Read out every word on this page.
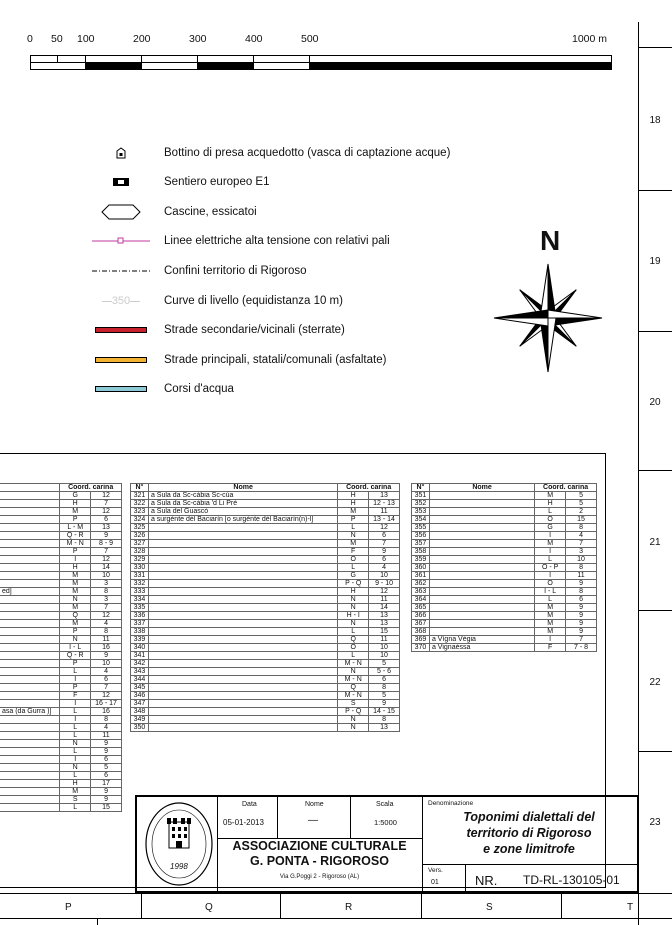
0 50 100	200	300	400	500	1000 m
18
19
20
21
22
23
P	Q	R	S	T
Bottino di presa acquedotto (vasca di captazione acque)
Sentiero europeo E1
Cascine, essicatoi
Linee elettriche alta tensione con relativi pali
Confini territorio di Rigoroso
350	Curve di livello (equidistanza 10 m)
Strade secondarie/vicinali (sterrate)
Strade principali, statali/comunali (asfaltate)
Corsi d'acqua
N
	Coord. carina	
	G	12
	H	7
	M	12
	P	6
	L - M	13
	Q - R	9
	M - N	8 - 9
	P	7
	I	12
	H	14
	M	10
	M	3
ed]	M	8
	N	3
	M	7
	Q	12
	M	4
	P	8
	N	11
	I - L	16
	Q - R	9
	P	10
	L	4
	I	6
	P	7
	F	12
	I	16 - 17
asa (da Gurra )]	L	16
	I	8
	L	4
	L	11
	N	9
	L	9
	I	6
	N	5
	L	6
	H	17
	M	9
	S	9
	L	15
N°	Nome	Coord. carina	
321	a Sula da Sc-càbia Sc-cùa	H	13
322	a Sula da Sc-càbia 'd Li Prè	H	12 - 13
323	a Sula del Guascò	M	11
324	a surgènte dèl Baciarìn [o surgènte dèl Baciarìn(n)-l]	P	13 - 14
325		L	12
326		N	6
327		M	7
328		F	9
329		O	6
330		L	4
331		G	10
332		P - Q	9 - 10
333		H	12
334		N	11
335		N	14
336		H - I	13
337		N	13
338		L	15
339		Q	11
340		O	10
341		L	10
342		M - N	5
343		N	5 - 6
344		M - N	6
345		Q	8
346		M - N	5
347		S	9
348		P - Q	14 - 15
349		N	8
350		N	13
N°	Nome	Coord. carina	
351		M	5
352		H	5
353		L	2
354		O	15
355		G	8
356		I	4
357		M	7
358		I	3
359		L	10
360		O - P	8
361		I	11
362		O	9
363		I - L	8
364		L	6
365		M	9
366		M	9
367		M	9
368		M	9
369	a Vìgna Vègia	I	7
370	a Vignaèssa	F	7 - 8
1998
Data
05-01-2013
Nome
—
Scala
1:5000
ASSOCIAZIONE CULTURALE
G. PONTA - RIGOROSO
Via G.Poggi 2 - Rigoroso (AL)
Denominazione
Toponimi dialettali del
territorio di Rigoroso
e zone limitrofe
Vers.
01	NR. TD-RL-130105-01
